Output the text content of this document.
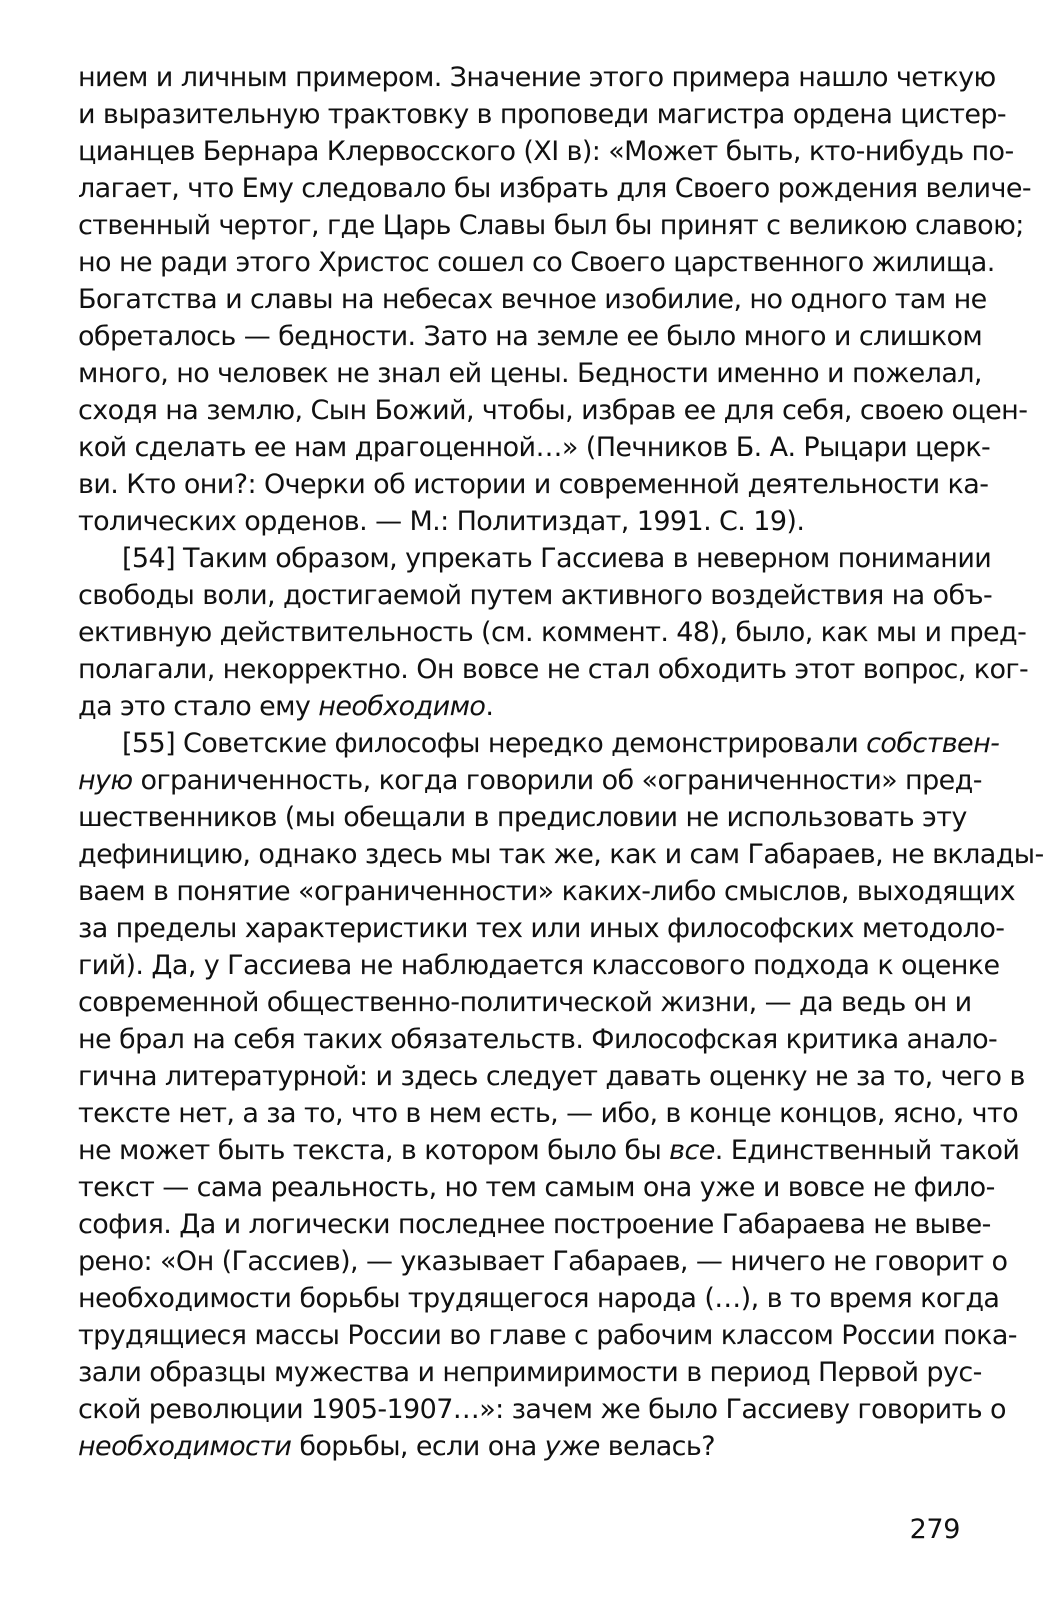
нием и личным примером. Значение этого примера нашло четкую
и выразительную трактовку в проповеди магистра ордена цистер-
цианцев Бернара Клервосского (XI в): «Может быть, кто-нибудь по-
лагает, что Ему следовало бы избрать для Своего рождения величе-
ственный чертог, где Царь Славы был бы принят с великою славою;
но не ради этого Христос сошел со Своего царственного жилища.
Богатства и славы на небесах вечное изобилие, но одного там не
обреталось — бедности. Зато на земле ее было много и слишком
много, но человек не знал ей цены. Бедности именно и пожелал,
сходя на землю, Сын Божий, чтобы, избрав ее для себя, своею оцен-
кой сделать ее нам драгоценной…» (Печников Б. А. Рыцари церк-
ви. Кто они?: Очерки об истории и современной деятельности ка-
толических орденов. — М.: Политиздат, 1991. С. 19).
[54] Таким образом, упрекать Гассиева в неверном понимании
свободы воли, достигаемой путем активного воздействия на объ-
ективную действительность (см. коммент. 48), было, как мы и пред-
полагали, некорректно. Он вовсе не стал обходить этот вопрос, ког-
да это стало ему необходимо.
[55] Советские философы нередко демонстрировали собствен-
ную ограниченность, когда говорили об «ограниченности» пред-
шественников (мы обещали в предисловии не использовать эту
дефиницию, однако здесь мы так же, как и сам Габараев, не вклады-
ваем в понятие «ограниченности» каких-либо смыслов, выходящих
за пределы характеристики тех или иных философских методоло-
гий). Да, у Гассиева не наблюдается классового подхода к оценке
современной общественно-политической жизни, — да ведь он и
не брал на себя таких обязательств. Философская критика анало-
гична литературной: и здесь следует давать оценку не за то, чего в
тексте нет, а за то, что в нем есть, — ибо, в конце концов, ясно, что
не может быть текста, в котором было бы все. Единственный такой
текст — сама реальность, но тем самым она уже и вовсе не фило-
софия. Да и логически последнее построение Габараева не выве-
рено: «Он (Гассиев), — указывает Габараев, — ничего не говорит о
необходимости борьбы трудящегося народа (…), в то время когда
трудящиеся массы России во главе с рабочим классом России пока-
зали образцы мужества и непримиримости в период Первой рус-
ской революции 1905-1907…»: зачем же было Гассиеву говорить о
необходимости борьбы, если она уже велась?
279
